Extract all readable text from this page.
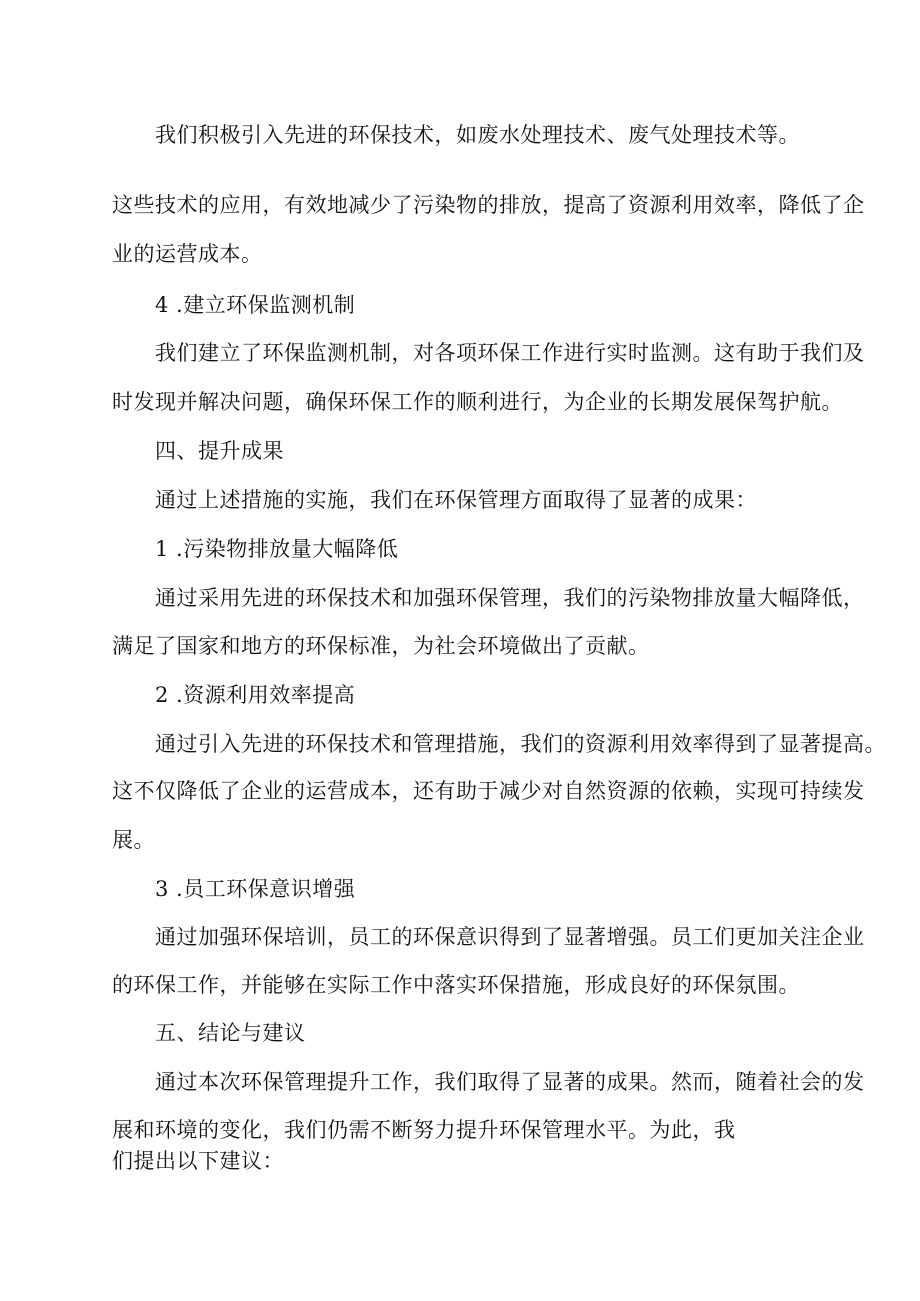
我们积极引入先进的环保技术，如废水处理技术、废气处理技术等。

这些技术的应用，有效地减少了污染物的排放，提高了资源利用效率，降低了企

业的运营成本。

4 .建立环保监测机制

我们建立了环保监测机制，对各项环保工作进行实时监测。这有助于我们及

时发现并解决问题，确保环保工作的顺利进行，为企业的长期发展保驾护航。

四、提升成果

通过上述措施的实施，我们在环保管理方面取得了显著的成果：

1 .污染物排放量大幅降低

通过采用先进的环保技术和加强环保管理，我们的污染物排放量大幅降低，

满足了国家和地方的环保标准，为社会环境做出了贡献。

2 .资源利用效率提高

通过引入先进的环保技术和管理措施，我们的资源利用效率得到了显著提高。

这不仅降低了企业的运营成本，还有助于减少对自然资源的依赖，实现可持续发

展。

3 .员工环保意识增强

通过加强环保培训，员工的环保意识得到了显著增强。员工们更加关注企业

的环保工作，并能够在实际工作中落实环保措施，形成良好的环保氛围。

五、结论与建议

通过本次环保管理提升工作，我们取得了显著的成果。然而，随着社会的发

展和环境的变化，我们仍需不断努力提升环保管理水平。为此，我

们提出以下建议：
